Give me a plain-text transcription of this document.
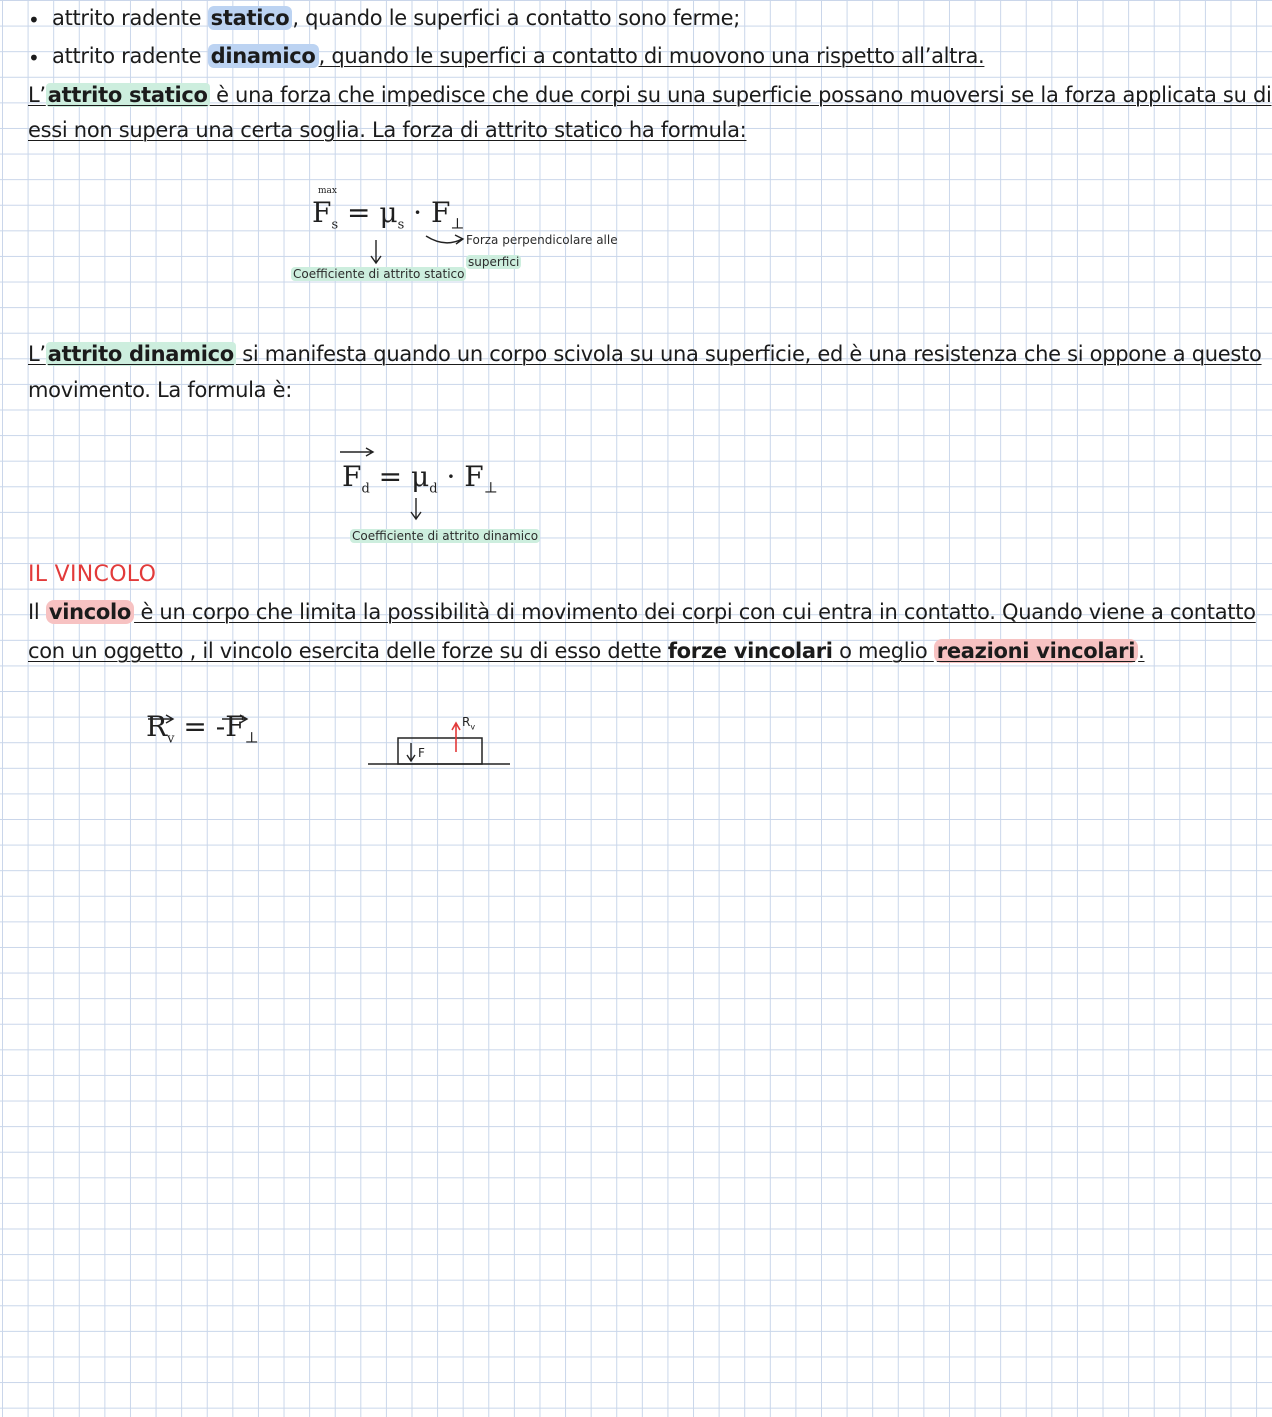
• attrito radente statico , quando le superfici a contatto sono ferme;
• attrito radente dinamico , quando le superfici a contatto di muovono una rispetto all’altra.
L’attrito statico è una forza che impedisce che due corpi su una superficie possano muoversi se la forza applicata su di
essi non supera una certa soglia. La forza di attrito statico ha formula:
$F_s$
max
= $\mu_s \cdot F_\perp$
Coefficiente di attrito statico
Forza perpendicolare alle
superfici
L’attrito dinamico si manifesta quando un corpo scivola su una superficie, ed è una resistenza che si oppone a questo
movimento. La formula è:
$F_d = \mu_d \cdot F_\perp$
Coefficiente di attrito dinamico
IL VINCOLO
Il vincolo è un corpo che limita la possibilità di movimento dei corpi con cui entra in contatto. Quando viene a contatto
con un oggetto , il vincolo esercita delle forze su di esso dette forze vincolari o meglio reazioni vincolari .
$R_v = -F_\perp$
F
$R_v$
